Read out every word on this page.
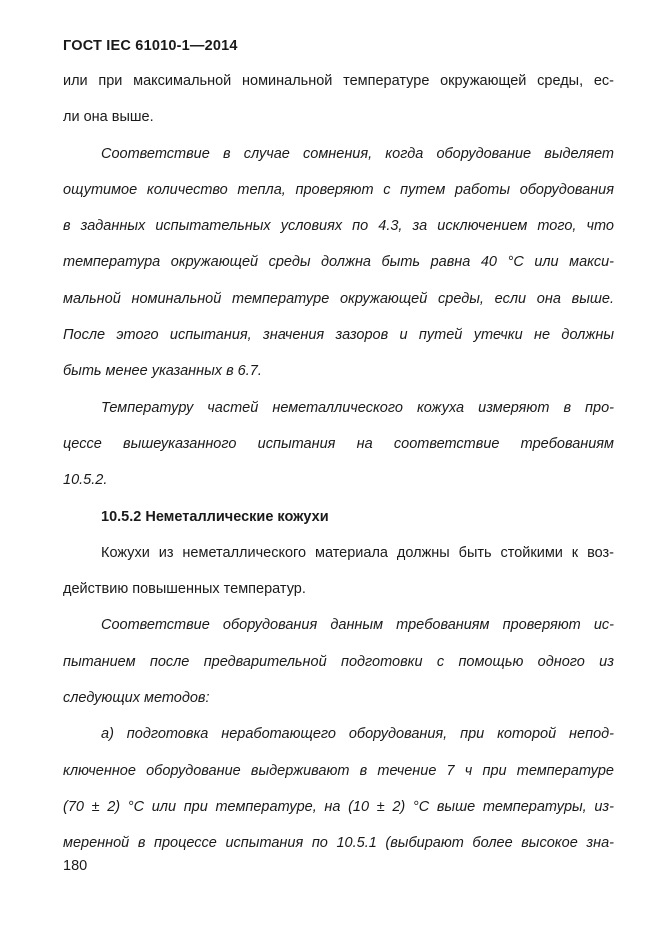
ГОСТ IEC 61010-1—2014
или при максимальной номинальной температуре окружающей среды, ес-
ли она выше.
Соответствие в случае сомнения, когда оборудование выделяет
ощутимое количество тепла, проверяют с путем работы оборудования
в заданных испытательных условиях по 4.3, за исключением того, что
температура окружающей среды должна быть равна 40 °С или макси-
мальной номинальной температуре окружающей среды, если она выше.
После этого испытания, значения зазоров и путей утечки не должны
быть менее указанных в 6.7.
Температуру частей неметаллического кожуха измеряют в про-
цессе вышеуказанного испытания на соответствие требованиям
10.5.2.
10.5.2 Неметаллические кожухи
Кожухи из неметаллического материала должны быть стойкими к воз-
действию повышенных температур.
Соответствие оборудования данным требованиям проверяют ис-
пытанием после предварительной подготовки с помощью одного из
следующих методов:
а) подготовка неработающего оборудования, при которой непод-
ключенное оборудование выдерживают в течение 7 ч при температуре
(70 ± 2) °С или при температуре, на (10 ± 2) °С выше температуры, из-
меренной в процессе испытания по 10.5.1 (выбирают более высокое зна-
180
